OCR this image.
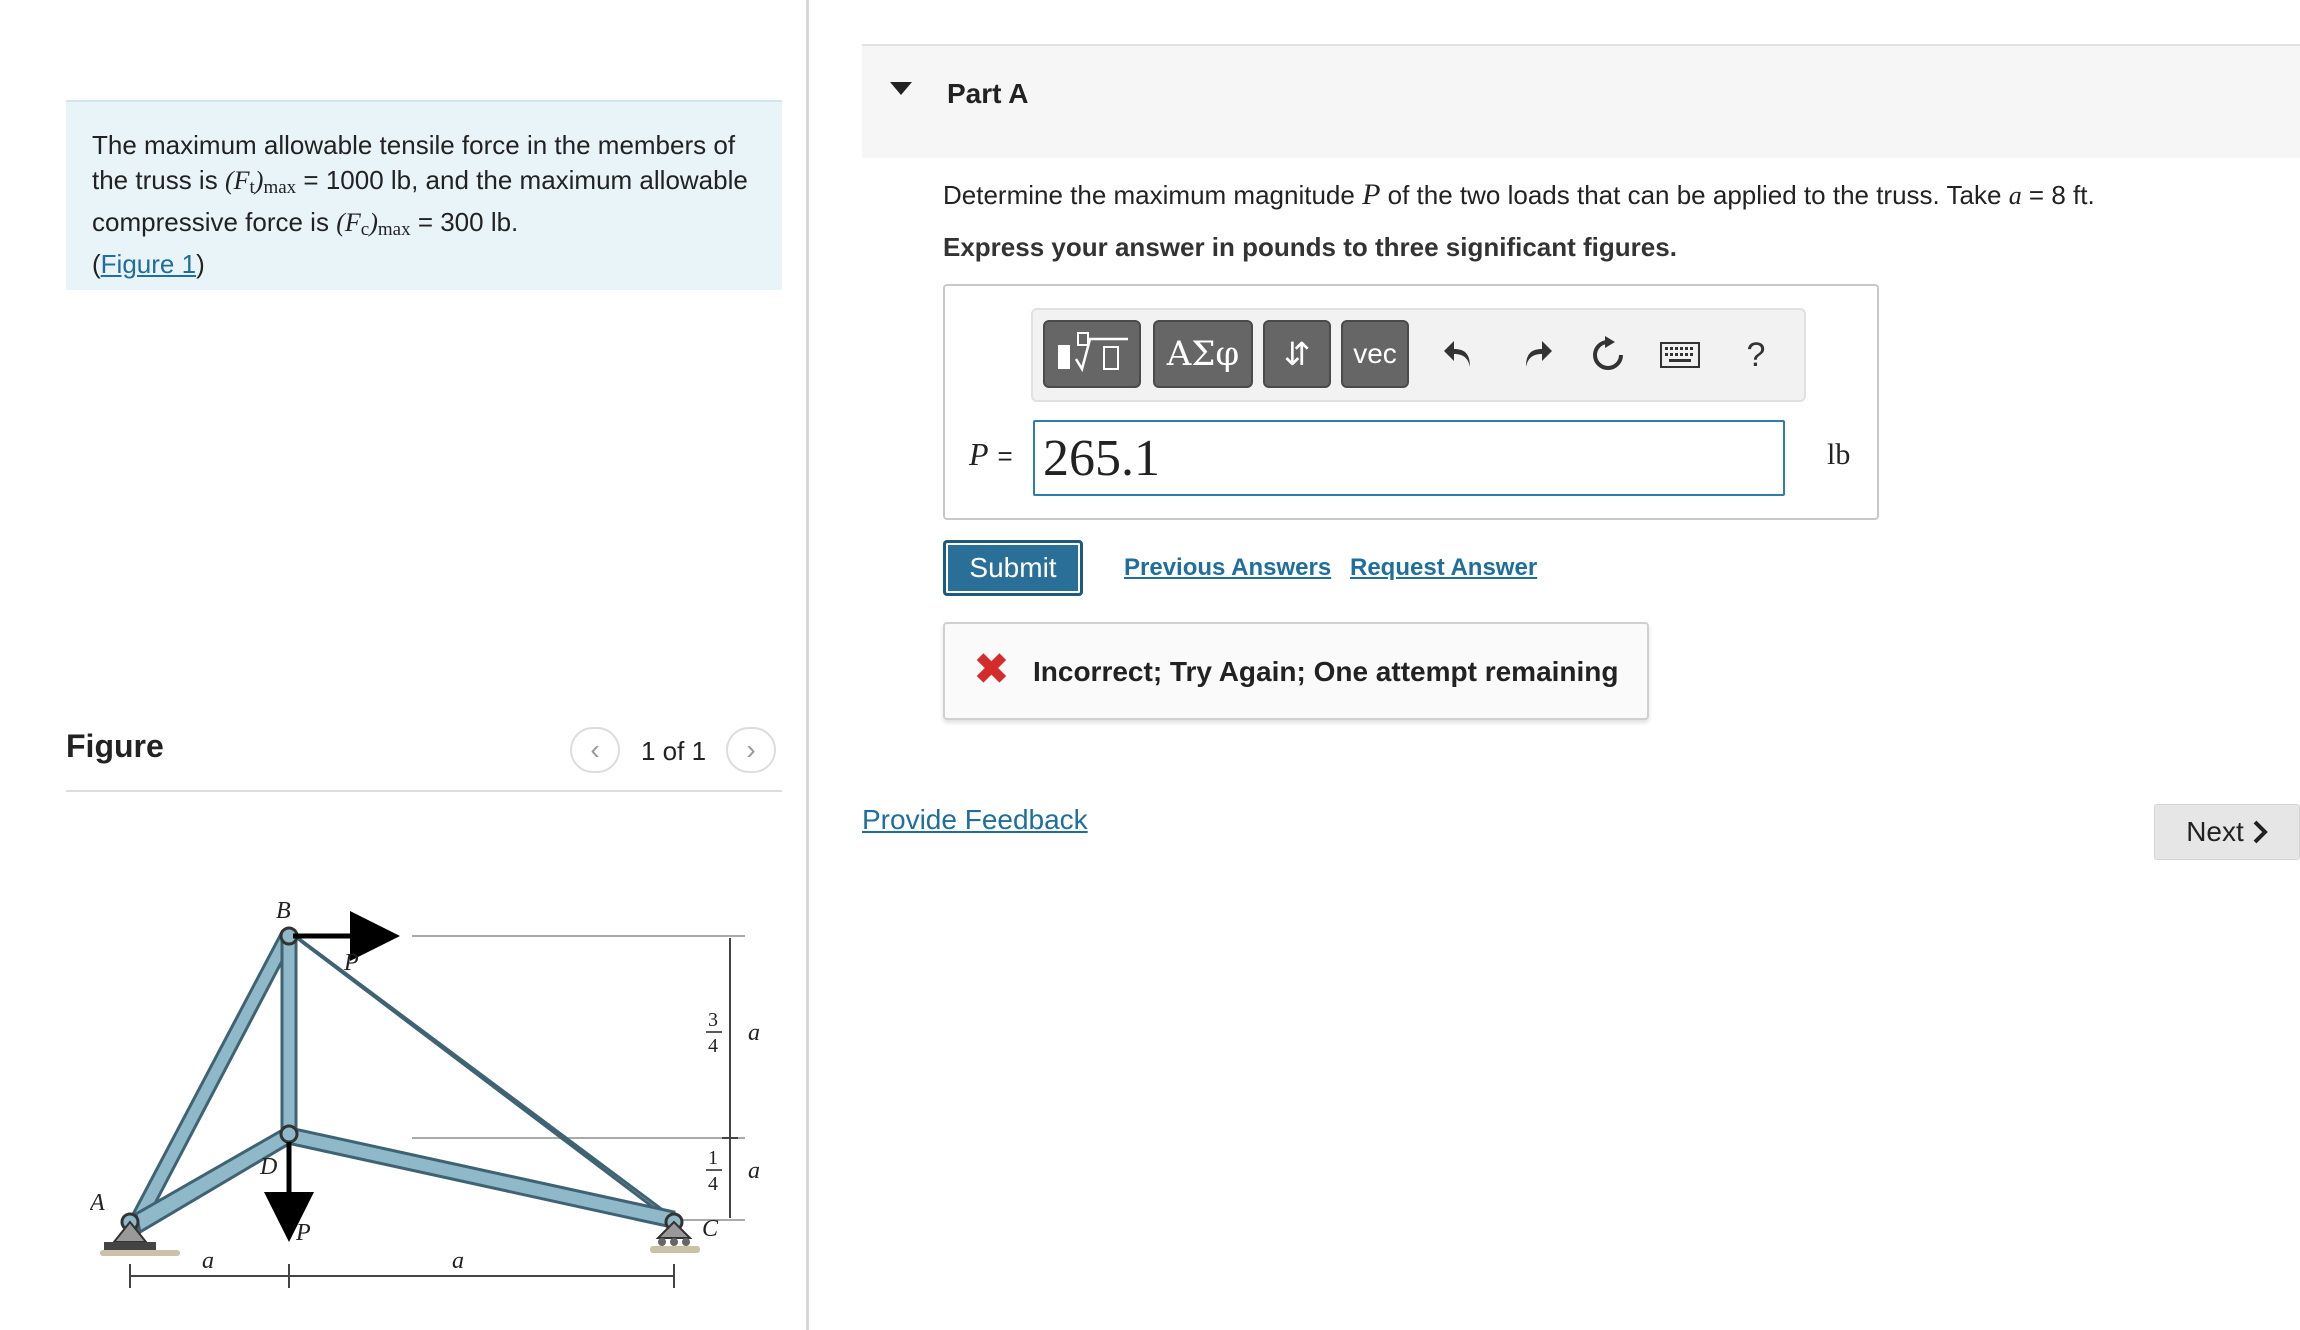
The maximum allowable tensile force in the members of the truss is $(F_t)_{max} = 1000$ lb, and the maximum allowable compressive force is $(F_c)_{max} = 300$ lb.
(Figure 1)
Figure	‹ 1 of 1 ›
B
P
D
A
C
P
a	a
a
a
3
4
1
4
Part A
Determine the maximum magnitude P of the two loads that can be applied to the truss. Take a = 8 ft.
Express your answer in pounds to three significant figures.
ΑΣφ	⇵	vec	?
P =
265.1	lb
Submit	Previous Answers Request Answer
✖ Incorrect; Try Again; One attempt remaining
Provide Feedback	Next
